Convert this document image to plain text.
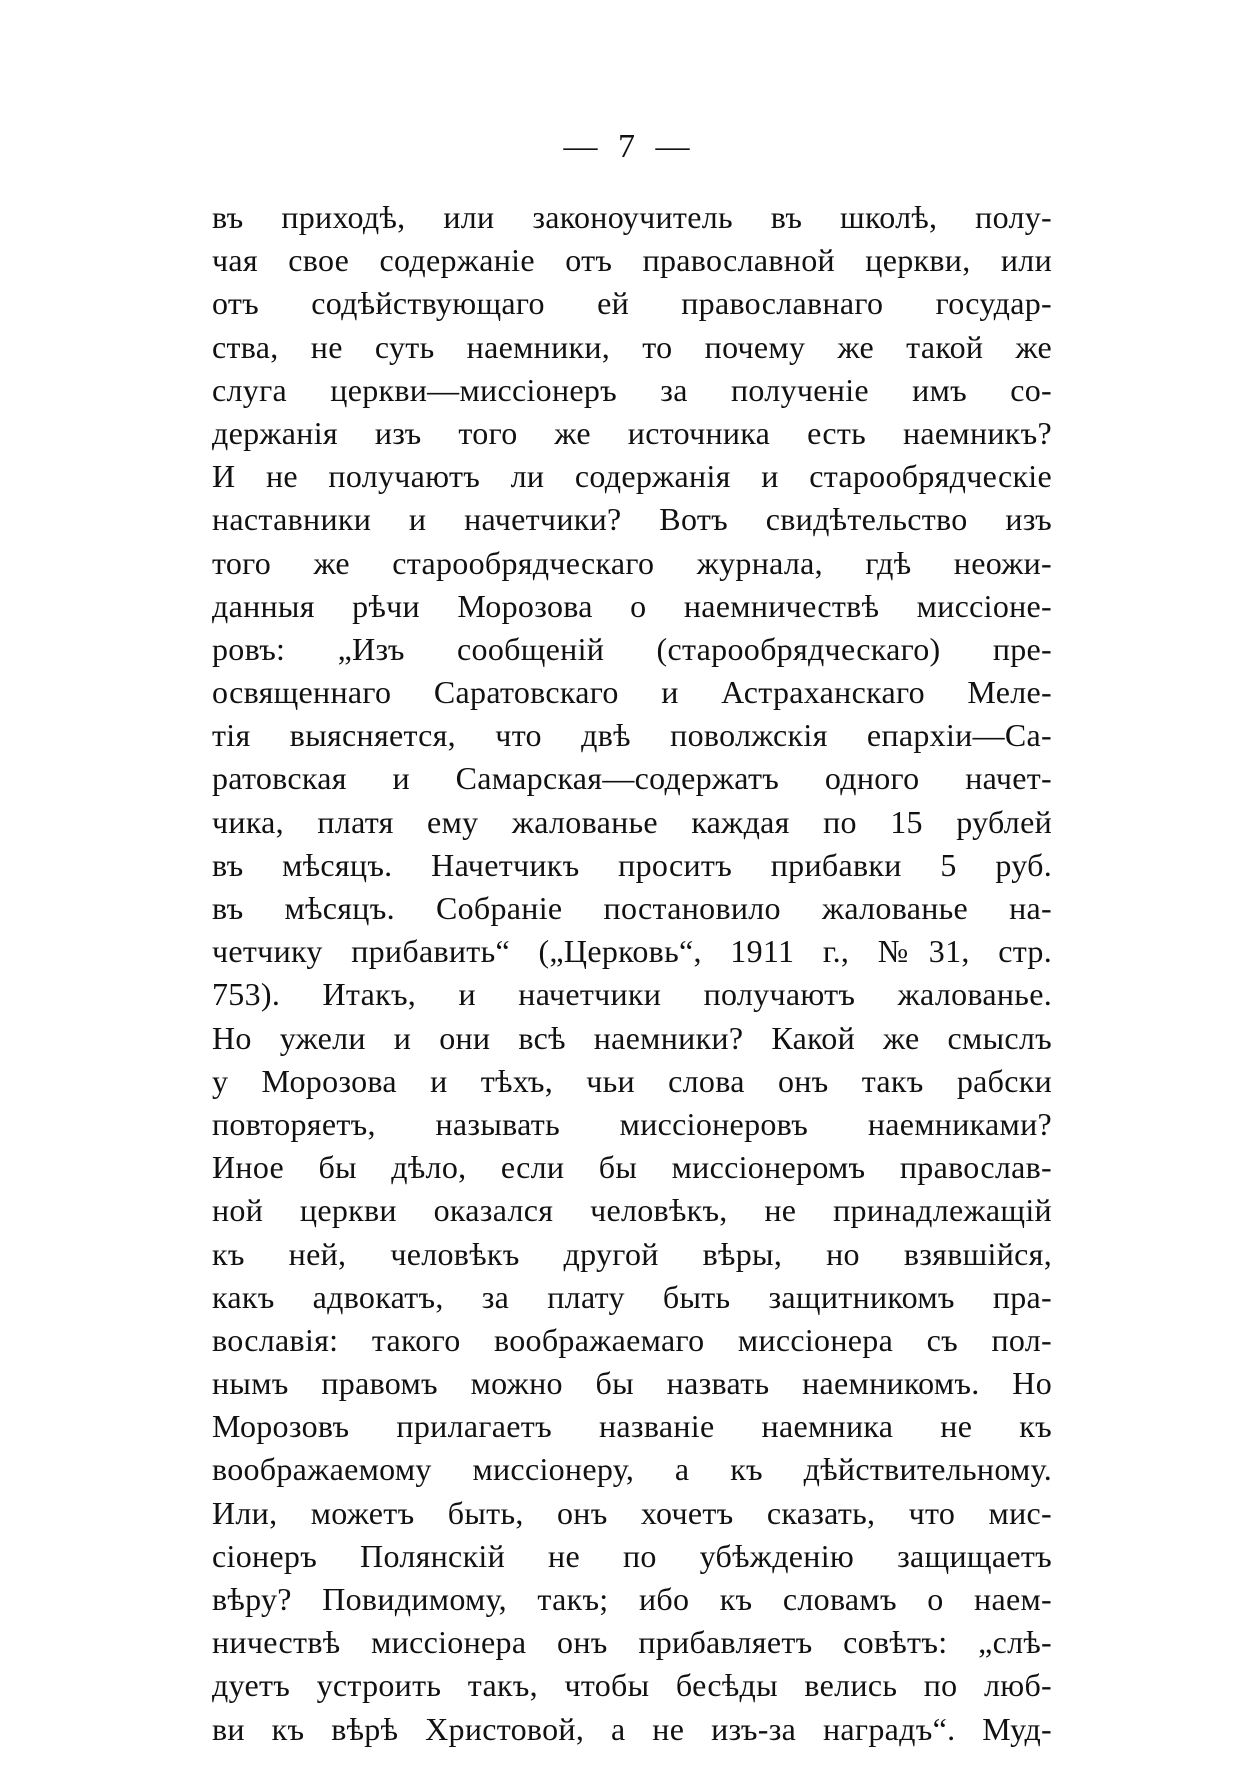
— 7 —
въ приходѣ, или законоучитель въ школѣ, полу-
чая свое содержаніе отъ православной церкви, или
отъ содѣйствующаго ей православнаго государ-
ства, не суть наемники, то почему же такой же
слуга церкви—миссіонеръ за полученіе имъ со-
держанія изъ того же источника есть наемникъ?
И не получаютъ ли содержанія и старообрядческіе
наставники и начетчики? Вотъ свидѣтельство изъ
того же старообрядческаго журнала, гдѣ неожи-
данныя рѣчи Морозова о наемничествѣ миссіоне-
ровъ: „Изъ сообщеній (старообрядческаго) пре-
освященнаго Саратовскаго и Астраханскаго Меле-
тія выясняется, что двѣ поволжскія епархіи—Са-
ратовская и Самарская—содержатъ одного начет-
чика, платя ему жалованье каждая по 15 рублей
въ мѣсяцъ. Начетчикъ проситъ прибавки 5 руб.
въ мѣсяцъ. Собраніе постановило жалованье на-
четчику прибавить“ („Церковь“, 1911 г., №31, стр.
753). Итакъ, и начетчики получаютъ жалованье.
Но ужели и они всѣ наемники? Какой же смыслъ
у Морозова и тѣхъ, чьи слова онъ такъ рабски
повторяетъ, называть миссіонеровъ наемниками?
Иное бы дѣло, если бы миссіонеромъ православ-
ной церкви оказался человѣкъ, не принадлежащій
къ ней, человѣкъ другой вѣры, но взявшійся,
какъ адвокатъ, за плату быть защитникомъ пра-
вославія: такого воображаемаго миссіонера съ пол-
нымъ правомъ можно бы назвать наемникомъ. Но
Морозовъ прилагаетъ названіе наемника не къ
воображаемому миссіонеру, а къ дѣйствительному.
Или, можетъ быть, онъ хочетъ сказать, что мис-
сіонеръ Полянскій не по убѣжденію защищаетъ
вѣру? Повидимому, такъ; ибо къ словамъ о наем-
ничествѣ миссіонера онъ прибавляетъ совѣтъ: „слѣ-
дуетъ устроить такъ, чтобы бесѣды велись по люб-
ви къ вѣрѣ Христовой, а не изъ-за наградъ“. Муд-
